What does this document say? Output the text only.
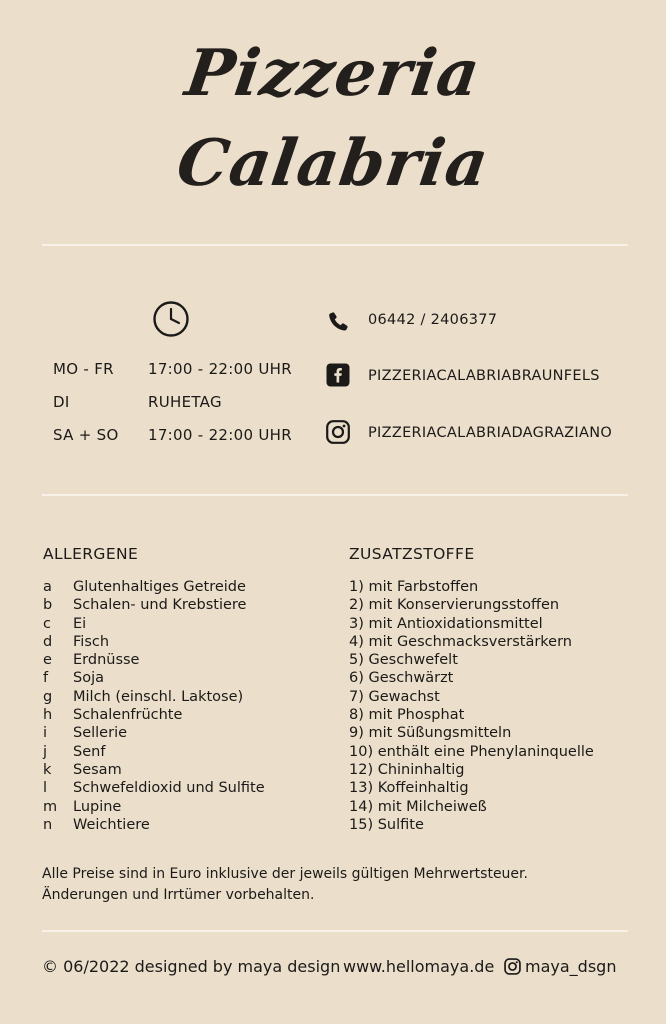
Pizzeria
Calabria
MO - FR 17:00 - 22:00 UHR
DI	RUHETAG
SA + SO 17:00 - 22:00 UHR
06442 / 2406377
PIZZERIACALABRIABRAUNFELS
PIZZERIACALABRIADAGRAZIANO
ALLERGENE
a	Glutenhaltiges Getreide
b	Schalen- und Krebstiere
c	Ei
d	Fisch
e	Erdnüsse
f	Soja
g	Milch (einschl. Laktose)
h	Schalenfrüchte
i	Sellerie
j	Senf
k	Sesam
l	Schwefeldioxid und Sulfite
m	Lupine
n	Weichtiere
ZUSATZSTOFFE
1) mit Farbstoffen
2) mit Konservierungsstoffen
3) mit Antioxidationsmittel
4) mit Geschmacksverstärkern
5) Geschwefelt
6) Geschwärzt
7) Gewachst
8) mit Phosphat
9) mit Süßungsmitteln
10) enthält eine Phenylaninquelle
12) Chininhaltig
13) Koffeinhaltig
14) mit Milcheiweß
15) Sulfite
Alle Preise sind in Euro inklusive der jeweils gültigen Mehrwertsteuer.
Änderungen und Irrtümer vorbehalten.
© 06/2022 designed by maya design www.hellomaya.de maya_dsgn
